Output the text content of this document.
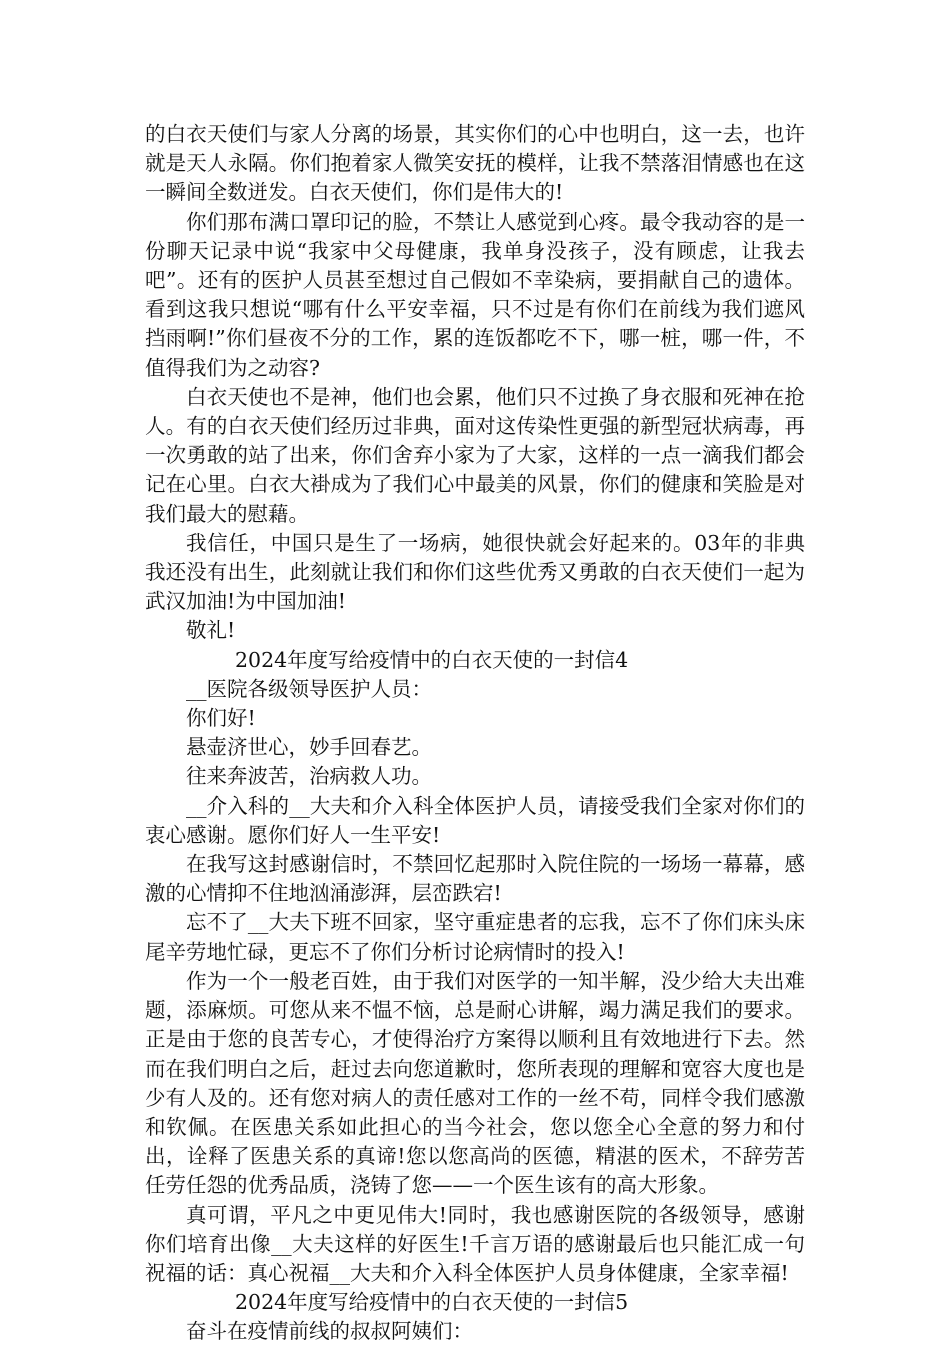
的白衣天使们与家人分离的场景，其实你们的心中也明白，这一去，也许就是天人永隔。你们抱着家人微笑安抚的模样，让我不禁落泪情感也在这一瞬间全数迸发。白衣天使们，你们是伟大的!

你们那布满口罩印记的脸，不禁让人感觉到心疼。最令我动容的是一份聊天记录中说“我家中父母健康，我单身没孩子，没有顾虑，让我去吧”。还有的医护人员甚至想过自己假如不幸染病，要捐献自己的遗体。看到这我只想说“哪有什么平安幸福，只不过是有你们在前线为我们遮风挡雨啊!”你们昼夜不分的工作，累的连饭都吃不下，哪一桩，哪一件，不值得我们为之动容?

白衣天使也不是神，他们也会累，他们只不过换了身衣服和死神在抢人。有的白衣天使们经历过非典，面对这传染性更强的新型冠状病毒，再一次勇敢的站了出来，你们舍弃小家为了大家，这样的一点一滴我们都会记在心里。白衣大褂成为了我们心中最美的风景，你们的健康和笑脸是对我们最大的慰藉。

我信任，中国只是生了一场病，她很快就会好起来的。03年的非典我还没有出生，此刻就让我们和你们这些优秀又勇敢的白衣天使们一起为武汉加油!为中国加油!

敬礼!

2024年度写给疫情中的白衣天使的一封信4

__医院各级领导医护人员：

你们好!

悬壶济世心，妙手回春艺。

往来奔波苦，治病救人功。

__介入科的__大夫和介入科全体医护人员，请接受我们全家对你们的衷心感谢。愿你们好人一生平安!

在我写这封感谢信时，不禁回忆起那时入院住院的一场场一幕幕，感激的心情抑不住地汹涌澎湃，层峦跌宕!

忘不了__大夫下班不回家，坚守重症患者的忘我，忘不了你们床头床尾辛劳地忙碌，更忘不了你们分析讨论病情时的投入!

作为一个一般老百姓，由于我们对医学的一知半解，没少给大夫出难题，添麻烦。可您从来不愠不恼，总是耐心讲解，竭力满足我们的要求。正是由于您的良苦专心，才使得治疗方案得以顺利且有效地进行下去。然而在我们明白之后，赶过去向您道歉时，您所表现的理解和宽容大度也是少有人及的。还有您对病人的责任感对工作的一丝不苟，同样令我们感激和钦佩。在医患关系如此担心的当今社会，您以您全心全意的努力和付出，诠释了医患关系的真谛!您以您高尚的医德，精湛的医术，不辞劳苦任劳任怨的优秀品质，浇铸了您——一个医生该有的高大形象。

真可谓，平凡之中更见伟大!同时，我也感谢医院的各级领导，感谢你们培育出像__大夫这样的好医生!千言万语的感谢最后也只能汇成一句祝福的话：真心祝福__大夫和介入科全体医护人员身体健康，全家幸福!

2024年度写给疫情中的白衣天使的一封信5

奋斗在疫情前线的叔叔阿姨们：
